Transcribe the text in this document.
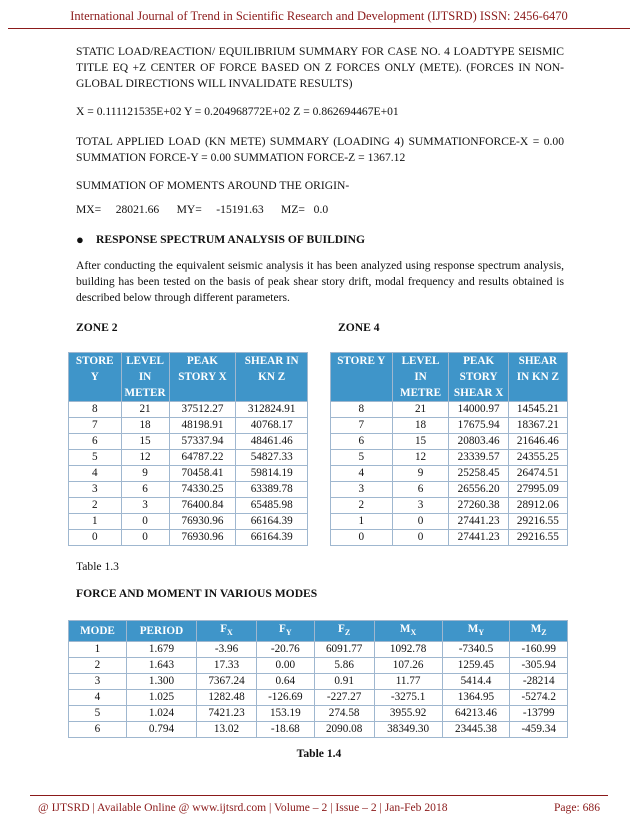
International Journal of Trend in Scientific Research and Development (IJTSRD) ISSN: 2456-6470
STATIC LOAD/REACTION/ EQUILIBRIUM SUMMARY FOR CASE NO. 4 LOADTYPE SEISMIC TITLE EQ +Z CENTER OF FORCE BASED ON Z FORCES ONLY (METE). (FORCES IN NON-GLOBAL DIRECTIONS WILL INVALIDATE RESULTS)
X = 0.111121535E+02 Y = 0.204968772E+02 Z = 0.862694467E+01
TOTAL APPLIED LOAD (KN METE) SUMMARY (LOADING 4) SUMMATIONFORCE-X = 0.00 SUMMATION FORCE-Y = 0.00 SUMMATION FORCE-Z = 1367.12
SUMMATION OF MOMENTS AROUND THE ORIGIN-
MX=     28021.66      MY=     -15191.63      MZ=   0.0
● RESPONSE SPECTRUM ANALYSIS OF BUILDING
After conducting the equivalent seismic analysis it has been analyzed using response spectrum analysis, building has been tested on the basis of peak shear story drift, modal frequency and results obtained is described below through different parameters.
ZONE 2	ZONE 4
STORE Y	LEVEL IN METER	PEAK STORY X	SHEAR IN KN Z
8	21	37512.27	312824.91
7	18	48198.91	40768.17
6	15	57337.94	48461.46
5	12	64787.22	54827.33
4	9	70458.41	59814.19
3	6	74330.25	63389.78
2	3	76400.84	65485.98
1	0	76930.96	66164.39
0	0	76930.96	66164.39
STORE Y	LEVEL IN METRE	PEAK STORY SHEAR X	SHEAR IN KN Z
8	21	14000.97	14545.21
7	18	17675.94	18367.21
6	15	20803.46	21646.46
5	12	23339.57	24355.25
4	9	25258.45	26474.51
3	6	26556.20	27995.09
2	3	27260.38	28912.06
1	0	27441.23	29216.55
0	0	27441.23	29216.55
Table 1.3
FORCE AND MOMENT IN VARIOUS MODES
MODE	PERIOD	$F_X$	$F_Y$	$F_Z$	$M_X$	$M_Y$	$M_Z$
1	1.679	-3.96	-20.76	6091.77	1092.78	-7340.5	-160.99
2	1.643	17.33	0.00	5.86	107.26	1259.45	-305.94
3	1.300	7367.24	0.64	0.91	11.77	5414.4	-28214
4	1.025	1282.48	-126.69	-227.27	-3275.1	1364.95	-5274.2
5	1.024	7421.23	153.19	274.58	3955.92	64213.46	-13799
6	0.794	13.02	-18.68	2090.08	38349.30	23445.38	-459.34
Table 1.4
@ IJTSRD | Available Online @ www.ijtsrd.com | Volume – 2 | Issue – 2 | Jan-Feb 2018	Page: 686
